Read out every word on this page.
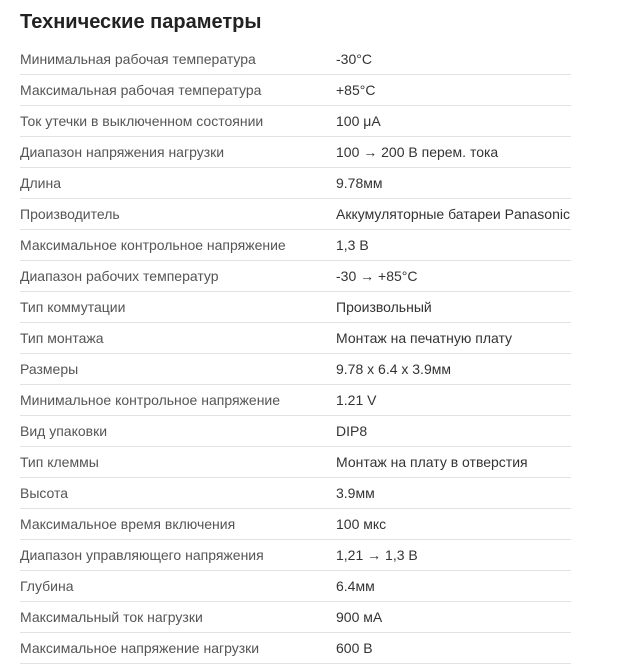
Технические параметры
Минимальная рабочая температура	-30°C
Максимальная рабочая температура	+85°C
Ток утечки в выключенном состоянии	100 μA
Диапазон напряжения нагрузки	100 → 200 В перем. тока
Длина	9.78мм
Производитель	Аккумуляторные батареи Panasonic
Максимальное контрольное напряжение	1,3 В
Диапазон рабочих температур	-30 → +85°C
Тип коммутации	Произвольный
Тип монтажа	Монтаж на печатную плату
Размеры	9.78 x 6.4 x 3.9мм
Минимальное контрольное напряжение	1.21 V
Вид упаковки	DIP8
Тип клеммы	Монтаж на плату в отверстия
Высота	3.9мм
Максимальное время включения	100 мкс
Диапазон управляющего напряжения	1,21 → 1,3 В
Глубина	6.4мм
Максимальный ток нагрузки	900 мА
Максимальное напряжение нагрузки	600 В
